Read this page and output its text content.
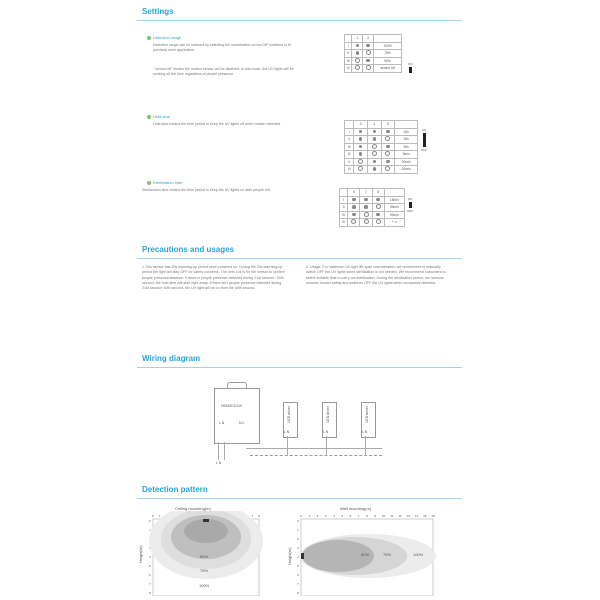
Settings
Detection range
Detection range can be reduced by selecting the combination on the DIP switches to fit precisely each application.
" sensor off" means the motion sensor will be disabled, in this mode, the UV lights will be working all the time regardless of people presence.
	1	2	
I			100%
II			75%
III			50%
IV			sensor off
ON
Hold-time
Hold-time means the time period to keep the UV lights off when motion detected.
		3	4	5	
I				10s
II				30s
III				90s
IV				3min
V				20min
VI				30min
ON
OFF
Sterilization time
Sterilization time means the time period to keep the UV lights on after people left.
	6	7	8	
I				15min
II				30min
III				90min
IV				+ ∞
ON
OFF
Precautions and usages
1.This sensor has 20s warming-up period when powered on. During the 20s warming-up period the light will stay OFF for safety concerns. The next 10s is for the sensor to confirm people presence/absence. If there is people presence detected during 21st second ~30th second, the hold-time will start right away. If there isn't people presence detected during 21st second~30th second, the UV light will be on from the 30th second.
2. Usage: For maximum UV-light life span consideration, we recommend to manually switch OFF the UV lights when sterilization is not needed. We recommend customers to select suitable time to carry out sterilization. During the sterilization period, our sensors ensures human safety and switches OFF the UV lights when occupancy detected.
Wiring diagram
HIM32DC/UV
L N	N L'
L N
LED driver	LED driver	LED driver
L N	L N	L N
Detection pattern
Ceiling mounting(m)
Height(m)
8 7	7 8
0
1
4
5
6
7
8
50%
75%
100%
Wall mounting(m)
Height(m)
0 1 2 3 4 5 6 7 8 9 10 11 12 13 14 15 16
0
1
2
3
4
5
6
7
8
50%	75%	100%
